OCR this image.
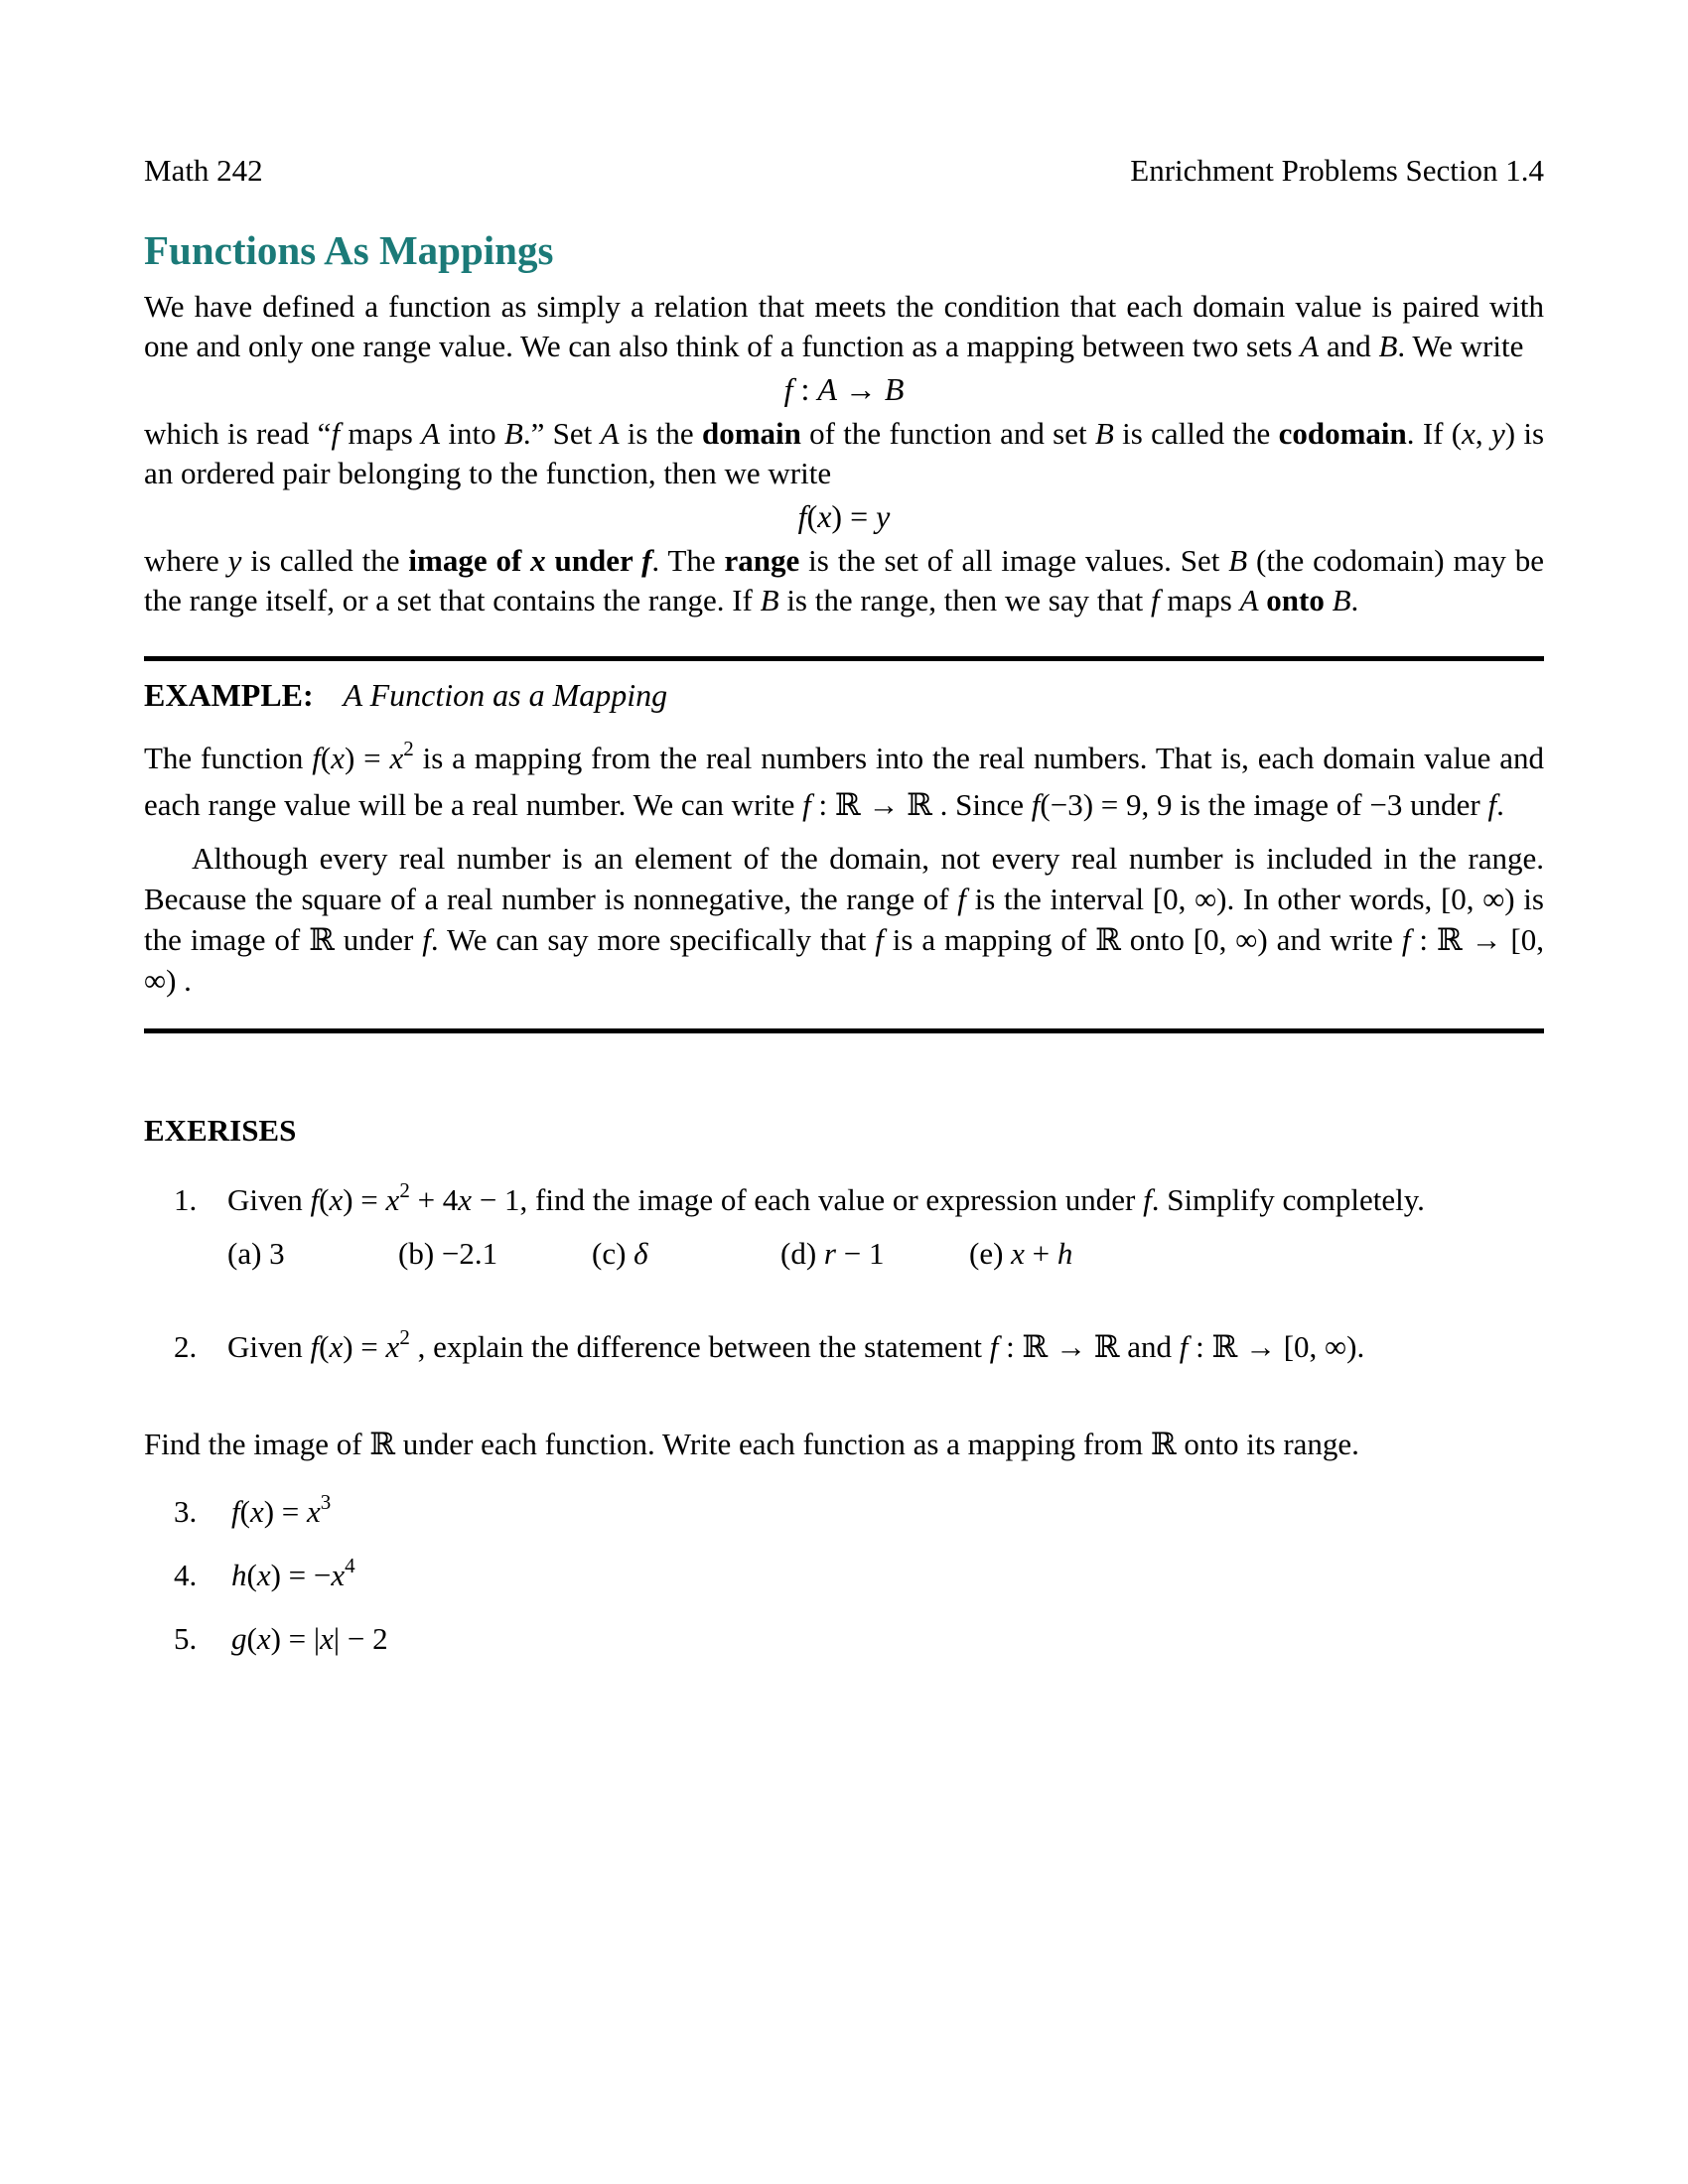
Math 242	Enrichment Problems Section 1.4
Functions As Mappings

We have defined a function as simply a relation that meets the condition that each domain value is paired with one and only one range value. We can also think of a function as a mapping between two sets A and B. We write

f : A → B

which is read “f maps A into B.” Set A is the domain of the function and set B is called the codomain. If (x, y) is an ordered pair belonging to the function, then we write

f(x) = y

where y is called the image of x under f. The range is the set of all image values. Set B (the codomain) may be the range itself, or a set that contains the range. If B is the range, then we say that f maps A onto B.

EXAMPLE: A Function as a Mapping

The function $f(x) = x^2$ is a mapping from the real numbers into the real numbers. That is, each domain value and each range value will be a real number. We can write f : ℝ → ℝ . Since f(−3) = 9, 9 is the image of −3 under f.

Although every real number is an element of the domain, not every real number is included in the range. Because the square of a real number is nonnegative, the range of f is the interval [0, ∞). In other words, [0, ∞) is the image of ℝ under f. We can say more specifically that f is a mapping of ℝ onto [0, ∞) and write f : ℝ → [0, ∞) .

EXERISES
1. Given $f(x) = x^2 + 4x - 1$, find the image of each value or expression under f. Simplify completely.
(a) 3	(b) −2.1	(c) δ	(d) r − 1	(e) x + h
2. Given $f(x) = x^2$ , explain the difference between the statement f : ℝ → ℝ and f : ℝ → [0, ∞).

Find the image of ℝ under each function. Write each function as a mapping from ℝ onto its range.

3.	$f(x) = x^3$
4.	$h(x) = -x^4$
5.	g(x) = |x| − 2
